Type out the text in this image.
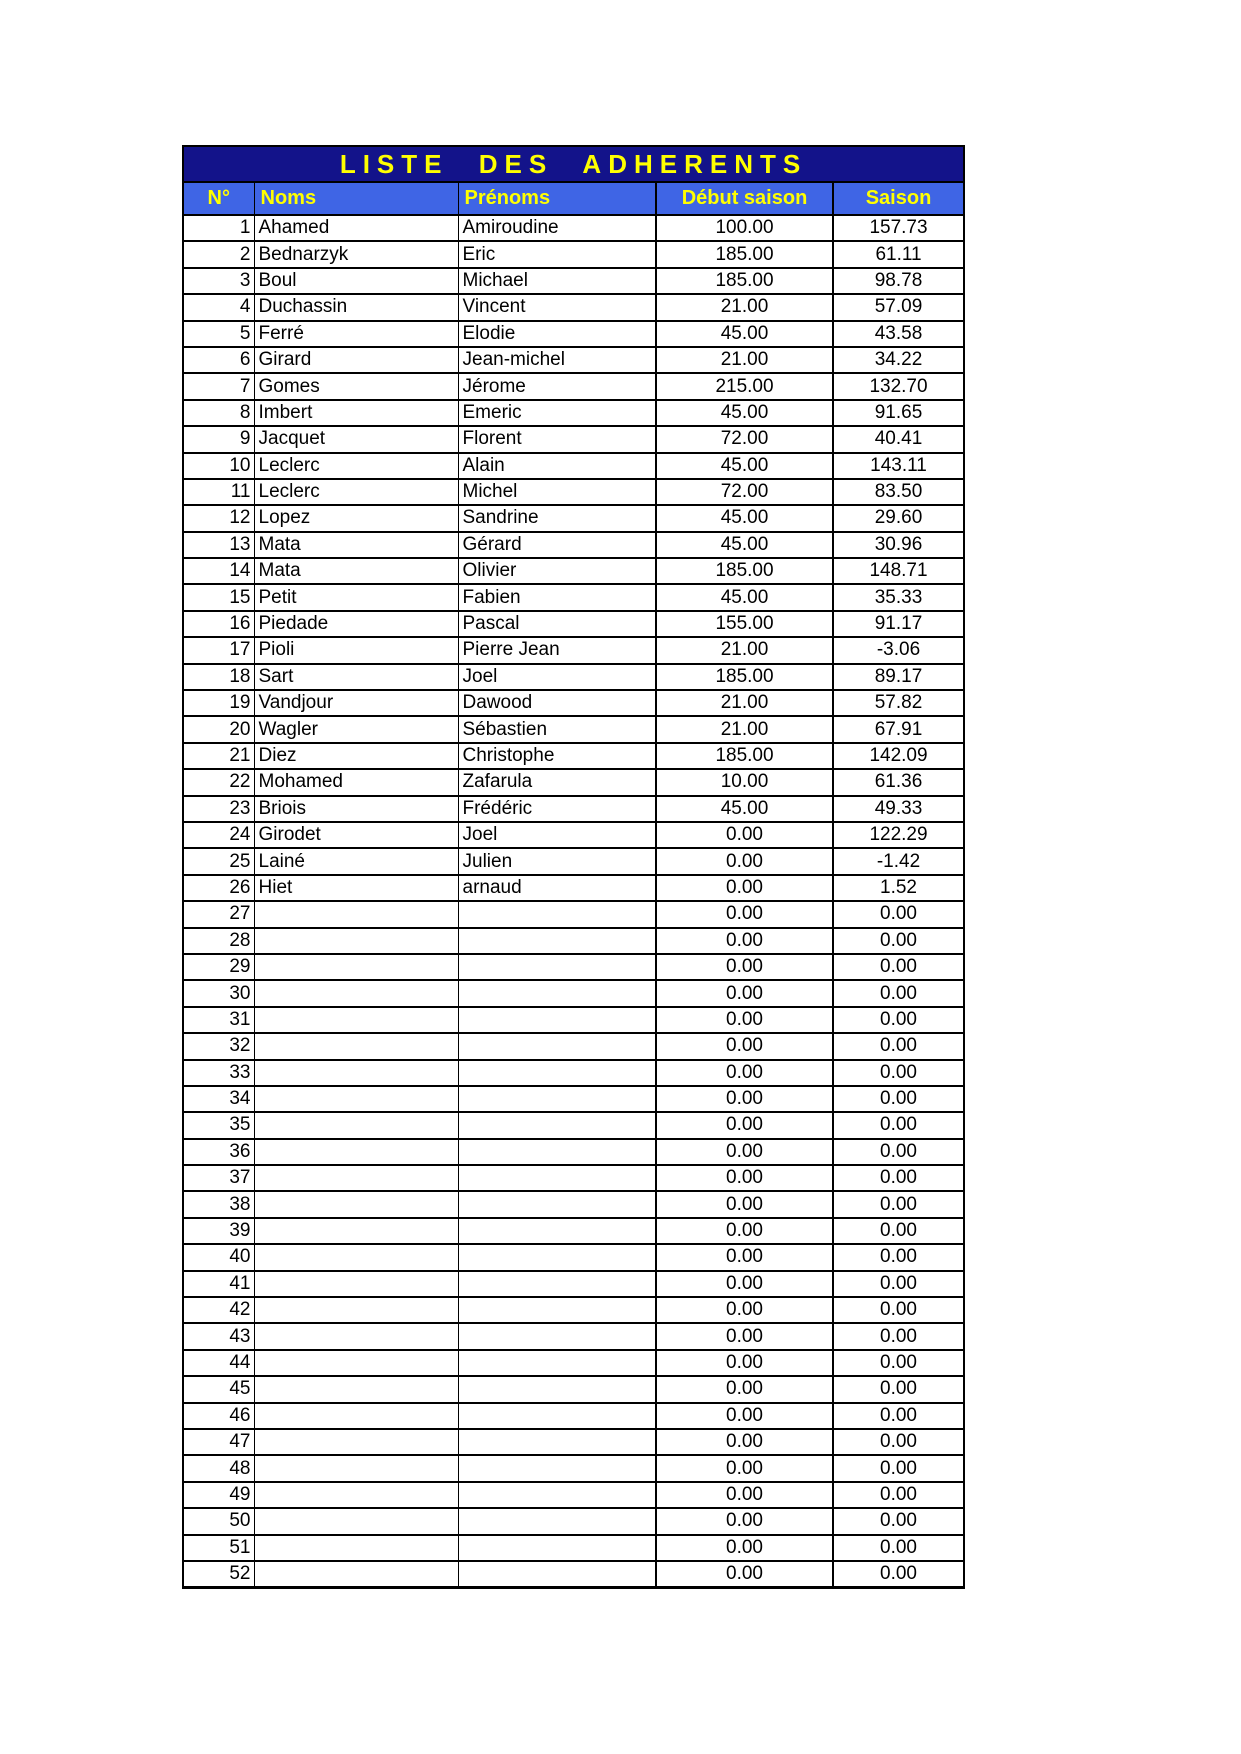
LISTE DES ADHERENTS				
N°	Noms	Prénoms	Début saison	Saison
1	Ahamed	Amiroudine	100.00	157.73
2	Bednarzyk	Eric	185.00	61.11
3	Boul	Michael	185.00	98.78
4	Duchassin	Vincent	21.00	57.09
5	Ferré	Elodie	45.00	43.58
6	Girard	Jean-michel	21.00	34.22
7	Gomes	Jérome	215.00	132.70
8	Imbert	Emeric	45.00	91.65
9	Jacquet	Florent	72.00	40.41
10	Leclerc	Alain	45.00	143.11
11	Leclerc	Michel	72.00	83.50
12	Lopez	Sandrine	45.00	29.60
13	Mata	Gérard	45.00	30.96
14	Mata	Olivier	185.00	148.71
15	Petit	Fabien	45.00	35.33
16	Piedade	Pascal	155.00	91.17
17	Pioli	Pierre Jean	21.00	-3.06
18	Sart	Joel	185.00	89.17
19	Vandjour	Dawood	21.00	57.82
20	Wagler	Sébastien	21.00	67.91
21	Diez	Christophe	185.00	142.09
22	Mohamed	Zafarula	10.00	61.36
23	Briois	Frédéric	45.00	49.33
24	Girodet	Joel	0.00	122.29
25	Lainé	Julien	0.00	-1.42
26	Hiet	arnaud	0.00	1.52
27			0.00	0.00
28			0.00	0.00
29			0.00	0.00
30			0.00	0.00
31			0.00	0.00
32			0.00	0.00
33			0.00	0.00
34			0.00	0.00
35			0.00	0.00
36			0.00	0.00
37			0.00	0.00
38			0.00	0.00
39			0.00	0.00
40			0.00	0.00
41			0.00	0.00
42			0.00	0.00
43			0.00	0.00
44			0.00	0.00
45			0.00	0.00
46			0.00	0.00
47			0.00	0.00
48			0.00	0.00
49			0.00	0.00
50			0.00	0.00
51			0.00	0.00
52			0.00	0.00
